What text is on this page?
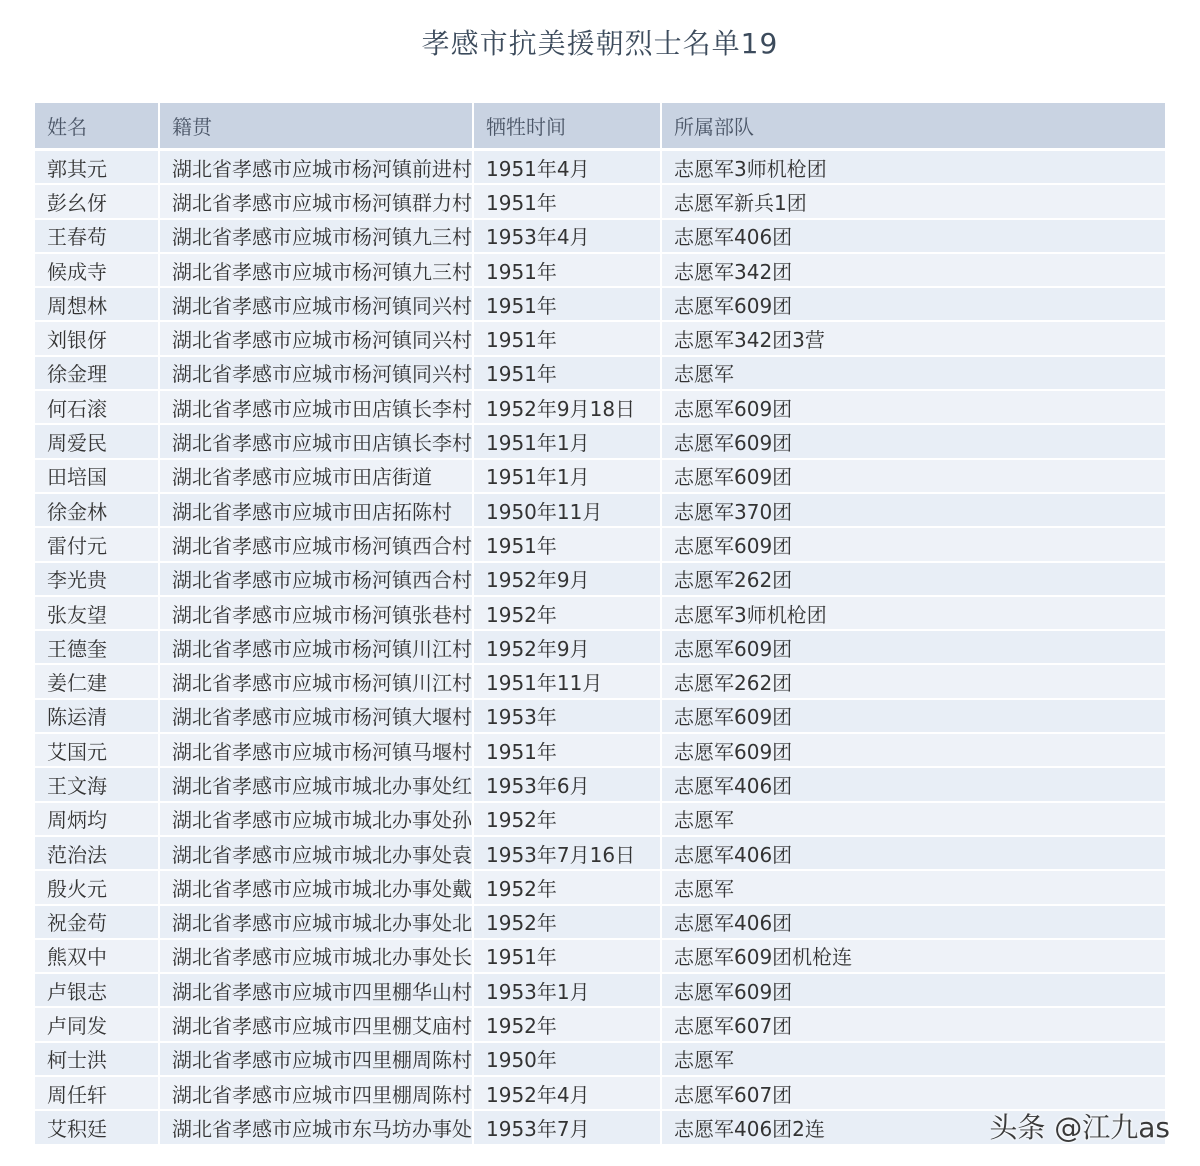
孝感市抗美援朝烈士名单19
姓名	籍贯	牺牲时间	所属部队
郭其元	湖北省孝感市应城市杨河镇前进村	1951年4月	志愿军3师机枪团
彭幺伢	湖北省孝感市应城市杨河镇群力村	1951年	志愿军新兵1团
王春苟	湖北省孝感市应城市杨河镇九三村	1953年4月	志愿军406团
候成寺	湖北省孝感市应城市杨河镇九三村	1951年	志愿军342团
周想林	湖北省孝感市应城市杨河镇同兴村	1951年	志愿军609团
刘银伢	湖北省孝感市应城市杨河镇同兴村	1951年	志愿军342团3营
徐金理	湖北省孝感市应城市杨河镇同兴村	1951年	志愿军
何石滚	湖北省孝感市应城市田店镇长李村	1952年9月18日	志愿军609团
周爱民	湖北省孝感市应城市田店镇长李村	1951年1月	志愿军609团
田培国	湖北省孝感市应城市田店街道	1951年1月	志愿军609团
徐金林	湖北省孝感市应城市田店拓陈村	1950年11月	志愿军370团
雷付元	湖北省孝感市应城市杨河镇西合村	1951年	志愿军609团
李光贵	湖北省孝感市应城市杨河镇西合村	1952年9月	志愿军262团
张友望	湖北省孝感市应城市杨河镇张巷村	1952年	志愿军3师机枪团
王德奎	湖北省孝感市应城市杨河镇川江村	1952年9月	志愿军609团
姜仁建	湖北省孝感市应城市杨河镇川江村	1951年11月	志愿军262团
陈运清	湖北省孝感市应城市杨河镇大堰村	1953年	志愿军609团
艾国元	湖北省孝感市应城市杨河镇马堰村	1951年	志愿军609团
王文海	湖北省孝感市应城市城北办事处红	1953年6月	志愿军406团
周炳均	湖北省孝感市应城市城北办事处孙	1952年	志愿军
范治法	湖北省孝感市应城市城北办事处袁	1953年7月16日	志愿军406团
殷火元	湖北省孝感市应城市城北办事处戴	1952年	志愿军
祝金苟	湖北省孝感市应城市城北办事处北	1952年	志愿军406团
熊双中	湖北省孝感市应城市城北办事处长	1951年	志愿军609团机枪连
卢银志	湖北省孝感市应城市四里棚华山村	1953年1月	志愿军609团
卢同发	湖北省孝感市应城市四里棚艾庙村	1952年	志愿军607团
柯士洪	湖北省孝感市应城市四里棚周陈村	1950年	志愿军
周任轩	湖北省孝感市应城市四里棚周陈村	1952年4月	志愿军607团
艾积廷	湖北省孝感市应城市东马坊办事处	1953年7月	志愿军406团2连	头条 @江九as
